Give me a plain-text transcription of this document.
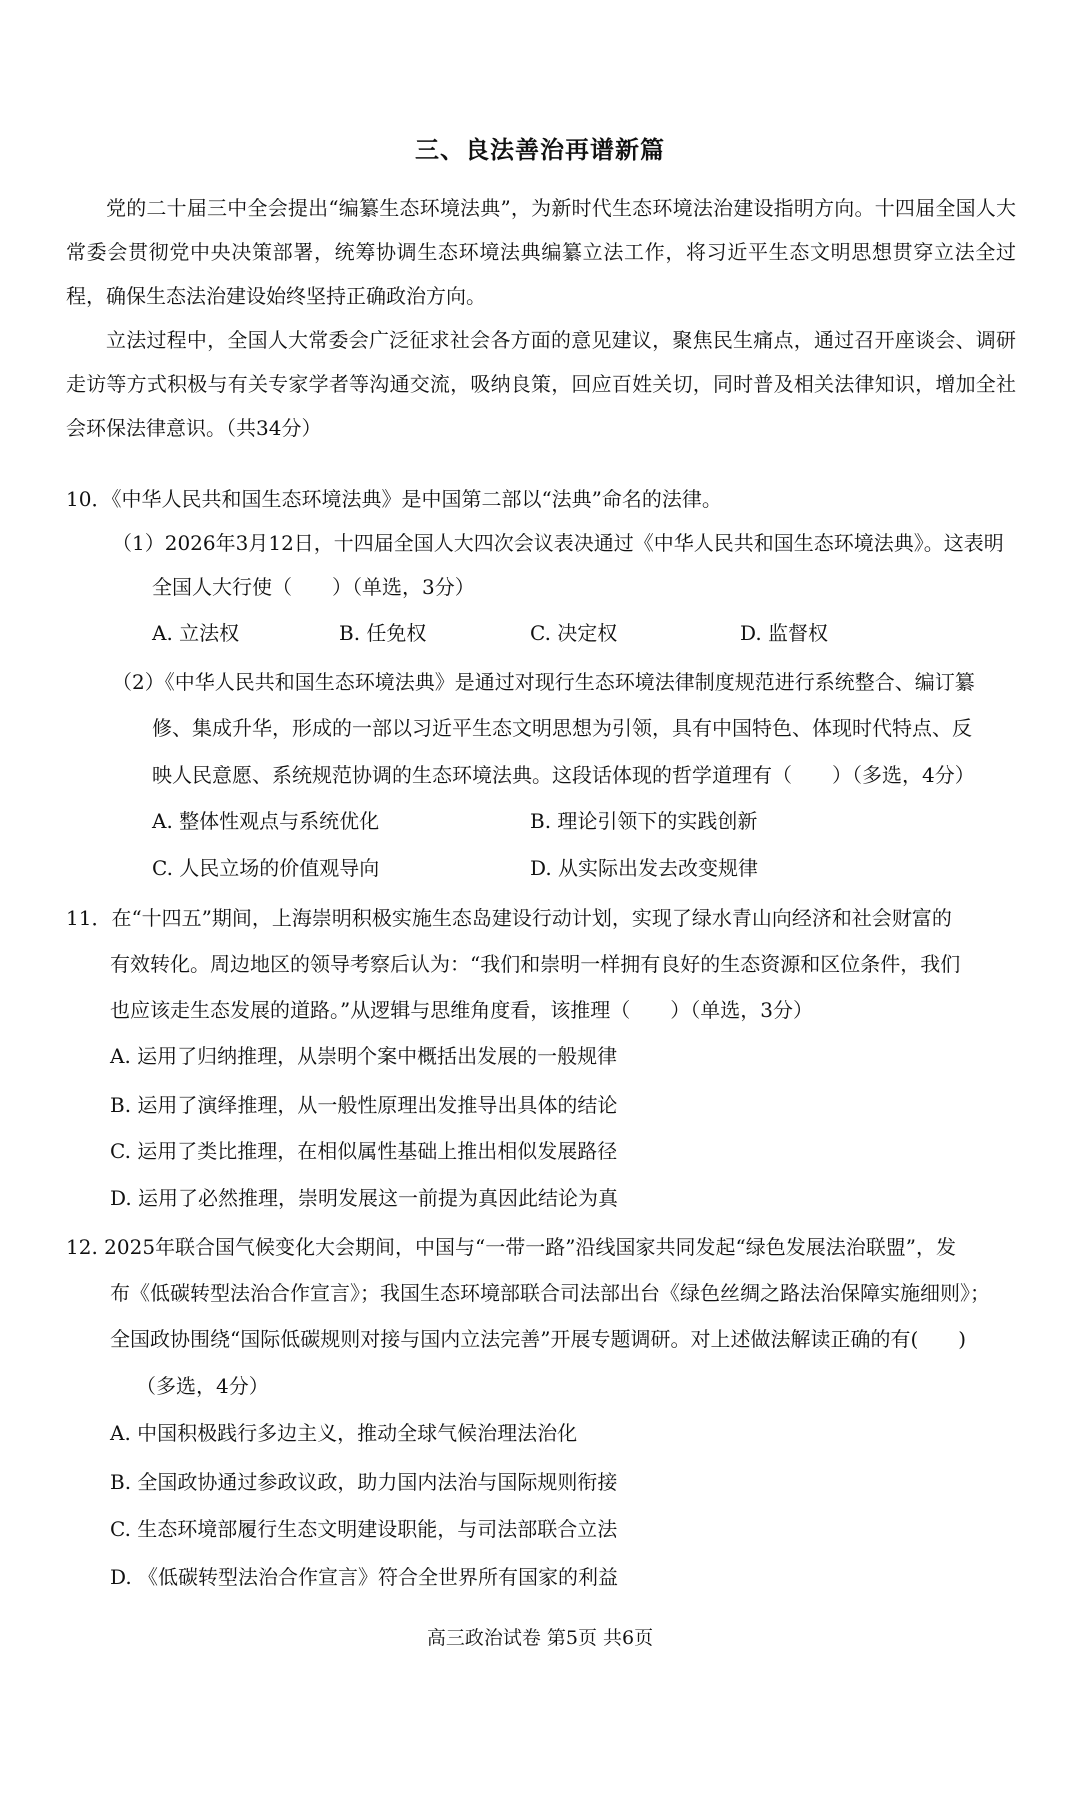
三、良法善治再谱新篇
党的二十届三中全会提出“编纂生态环境法典”，为新时代生态环境法治建设指明方向。十四届全国人大常委会贯彻党中央决策部署，统筹协调生态环境法典编纂立法工作，将习近平生态文明思想贯穿立法全过程，确保生态法治建设始终坚持正确政治方向。
立法过程中，全国人大常委会广泛征求社会各方面的意见建议，聚焦民生痛点，通过召开座谈会、调研走访等方式积极与有关专家学者等沟通交流，吸纳良策，回应百姓关切，同时普及相关法律知识，增加全社会环保法律意识。（共34分）
10．《中华人民共和国生态环境法典》是中国第二部以“法典”命名的法律。
（1）2026年3月12日，十四届全国人大四次会议表决通过《中华人民共和国生态环境法典》。这表明
全国人大行使（　　）（单选，3分）
A. 立法权	B. 任免权	C. 决定权	D. 监督权
（2）《中华人民共和国生态环境法典》是通过对现行生态环境法律制度规范进行系统整合、编订纂
修、集成升华，形成的一部以习近平生态文明思想为引领，具有中国特色、体现时代特点、反
映人民意愿、系统规范协调的生态环境法典。这段话体现的哲学道理有（　　）（多选，4分）
A. 整体性观点与系统优化	B. 理论引领下的实践创新
C. 人民立场的价值观导向	D. 从实际出发去改变规律
11．在“十四五”期间，上海崇明积极实施生态岛建设行动计划，实现了绿水青山向经济和社会财富的
有效转化。周边地区的领导考察后认为：“我们和崇明一样拥有良好的生态资源和区位条件，我们
也应该走生态发展的道路。”从逻辑与思维角度看，该推理（　　）（单选，3分）
A. 运用了归纳推理，从崇明个案中概括出发展的一般规律
B. 运用了演绎推理，从一般性原理出发推导出具体的结论
C. 运用了类比推理，在相似属性基础上推出相似发展路径
D. 运用了必然推理，崇明发展这一前提为真因此结论为真
12. 2025年联合国气候变化大会期间，中国与“一带一路”沿线国家共同发起“绿色发展法治联盟”，发
布《低碳转型法治合作宣言》；我国生态环境部联合司法部出台《绿色丝绸之路法治保障实施细则》；
全国政协围绕“国际低碳规则对接与国内立法完善”开展专题调研。对上述做法解读正确的有(　　)
（多选，4分）
A. 中国积极践行多边主义，推动全球气候治理法治化
B. 全国政协通过参政议政，助力国内法治与国际规则衔接
C. 生态环境部履行生态文明建设职能，与司法部联合立法
D. 《低碳转型法治合作宣言》符合全世界所有国家的利益
高三政治试卷 第5页 共6页
